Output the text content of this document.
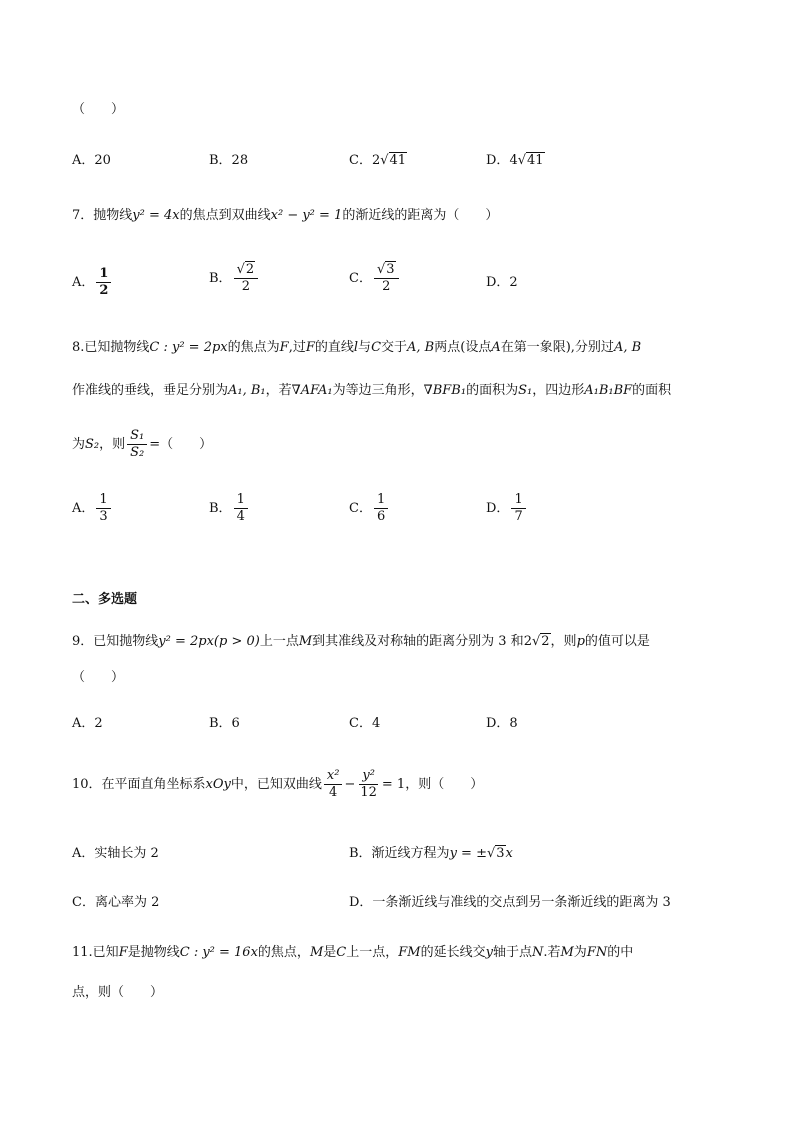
（　　）
A．20	B．28	C．2√41	D．4√41
7．抛物线y² = 4x的焦点到双曲线x² − y² = 1的渐近线的距离为（　　）
A． $\frac{1}{2}$	B． $\frac{√2}{2}$	C． $\frac{√3}{2}$	D．2
8.已知抛物线C : y² = 2px的焦点为F,过F的直线l与C交于A, B两点(设点A在第一象限),分别过A, B
作准线的垂线，垂足分别为A₁, B₁，若∇AFA₁为等边三角形，∇BFB₁的面积为S₁，四边形A₁B₁BF的面积
为S₂，则 $\frac{\text{S₁}}{\text{S₂}}$ =（　　）
A． $\frac{1}{3}$	B． $\frac{1}{4}$	C． $\frac{1}{6}$	D． $\frac{1}{7}$
二、多选题
9．已知抛物线y² = 2px(p > 0)上一点M到其准线及对称轴的距离分别为 3 和2√2，则p的值可以是
（　　）
A．2	B．6	C．4	D．8
10．在平面直角坐标系xOy中，已知双曲线 $\frac{\text{x²}}{4} - \frac{\text{y²}}{12} = 1$，则（　　）
A．实轴长为 2	B．渐近线方程为y = ±√3x
C．离心率为 2	D．一条渐近线与准线的交点到另一条渐近线的距离为 3
11.已知F是抛物线C : y² = 16x的焦点，M是C上一点，FM的延长线交y轴于点N.若M为FN的中
点，则（　　）
